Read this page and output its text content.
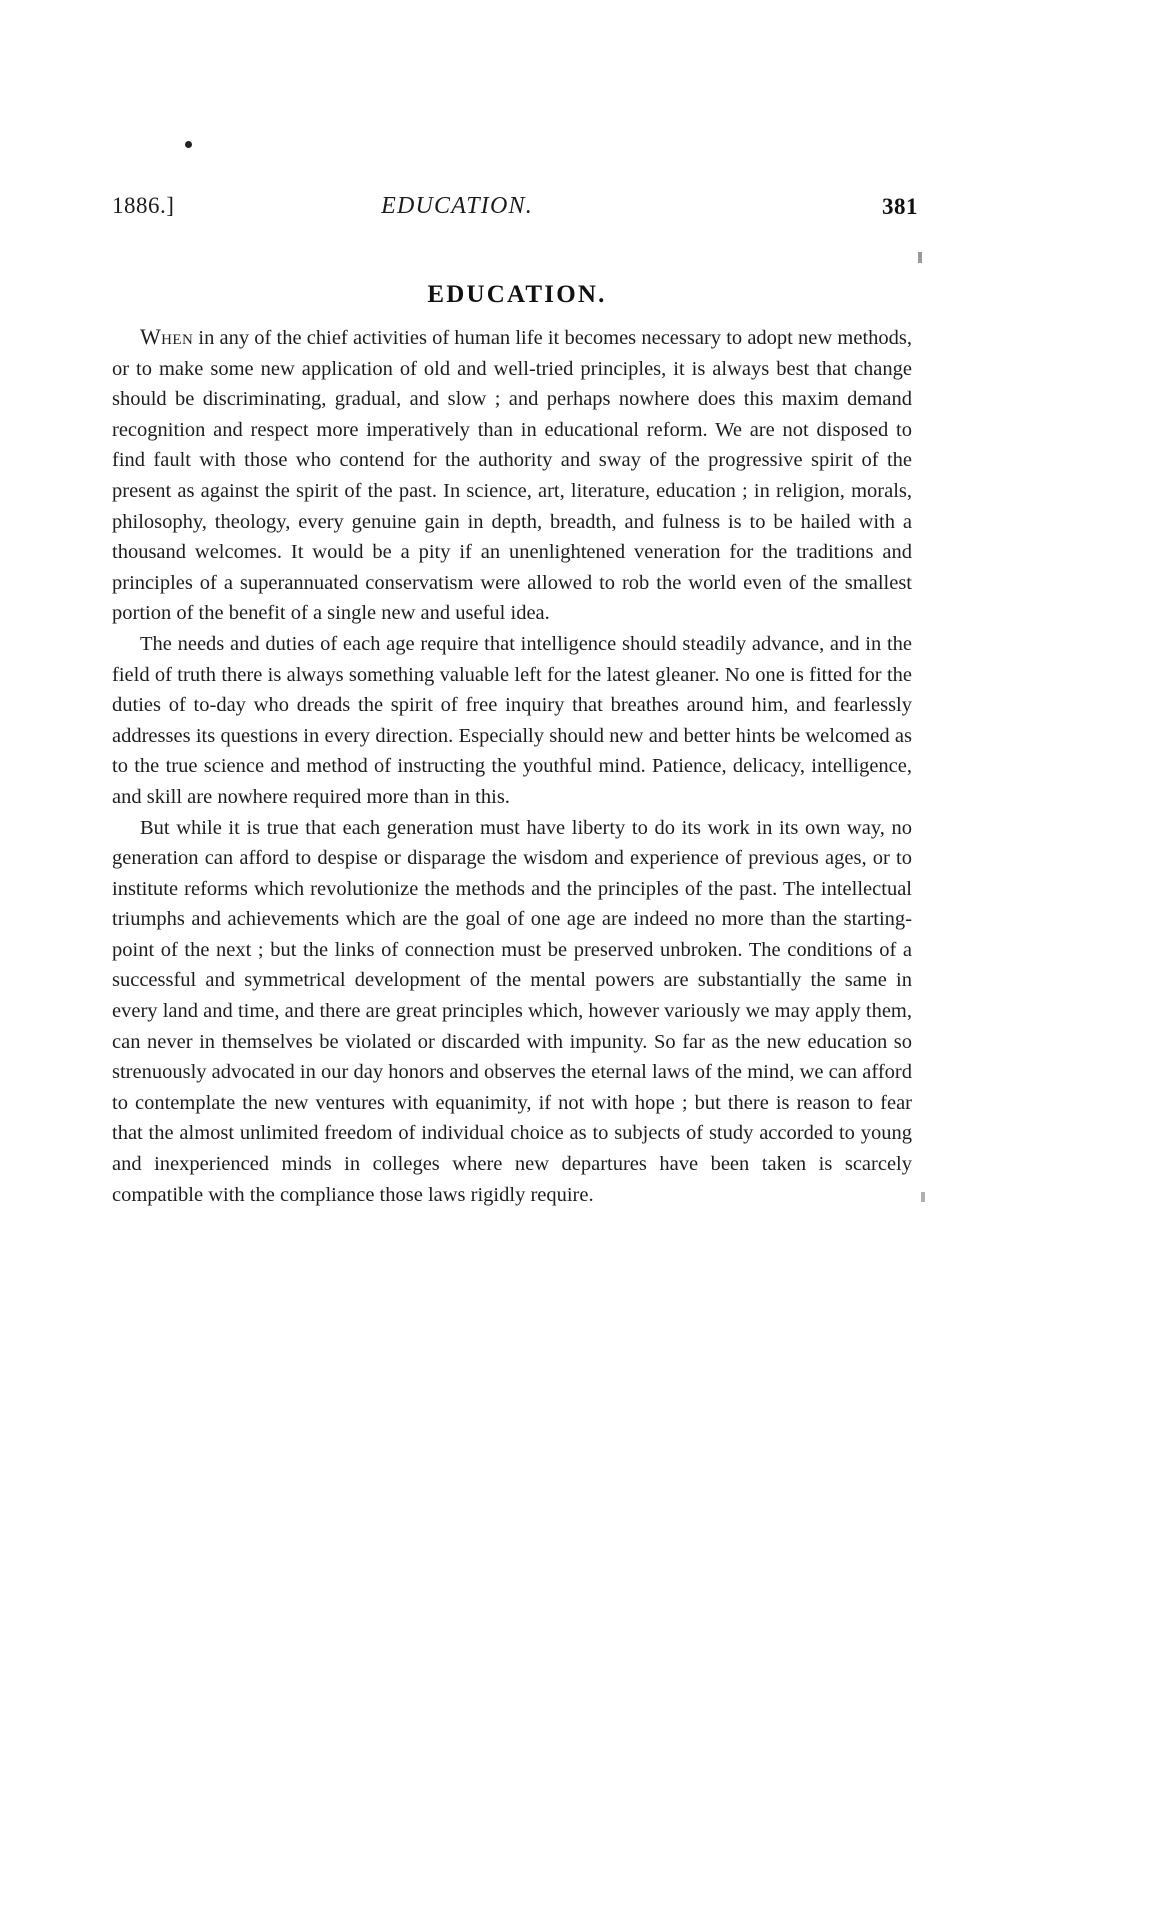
1886.]	EDUCATION.	381
EDUCATION.

When in any of the chief activities of human life it becomes necessary to adopt new methods, or to make some new application of old and well-tried principles, it is always best that change should be discriminating, gradual, and slow ; and perhaps nowhere does this maxim demand recognition and respect more imperatively than in educational reform. We are not disposed to find fault with those who contend for the authority and sway of the progressive spirit of the present as against the spirit of the past. In science, art, literature, education ; in religion, morals, philosophy, theology, every genuine gain in depth, breadth, and fulness is to be hailed with a thousand welcomes. It would be a pity if an unenlightened veneration for the traditions and principles of a superannuated conservatism were allowed to rob the world even of the smallest portion of the benefit of a single new and useful idea.

The needs and duties of each age require that intelligence should steadily advance, and in the field of truth there is always something valuable left for the latest gleaner. No one is fitted for the duties of to-day who dreads the spirit of free inquiry that breathes around him, and fearlessly addresses its questions in every direction. Especially should new and better hints be welcomed as to the true science and method of instructing the youthful mind. Patience, delicacy, intelligence, and skill are nowhere required more than in this.

But while it is true that each generation must have liberty to do its work in its own way, no generation can afford to despise or disparage the wisdom and experience of previous ages, or to institute reforms which revolutionize the methods and the principles of the past. The intellectual triumphs and achievements which are the goal of one age are indeed no more than the starting-point of the next ; but the links of connection must be preserved unbroken. The conditions of a successful and symmetrical development of the mental powers are substantially the same in every land and time, and there are great principles which, however variously we may apply them, can never in themselves be violated or discarded with impunity. So far as the new education so strenuously advocated in our day honors and observes the eternal laws of the mind, we can afford to contemplate the new ventures with equanimity, if not with hope ; but there is reason to fear that the almost unlimited freedom of individual choice as to subjects of study accorded to young and inexperienced minds in colleges where new departures have been taken is scarcely compatible with the compliance those laws rigidly require.
